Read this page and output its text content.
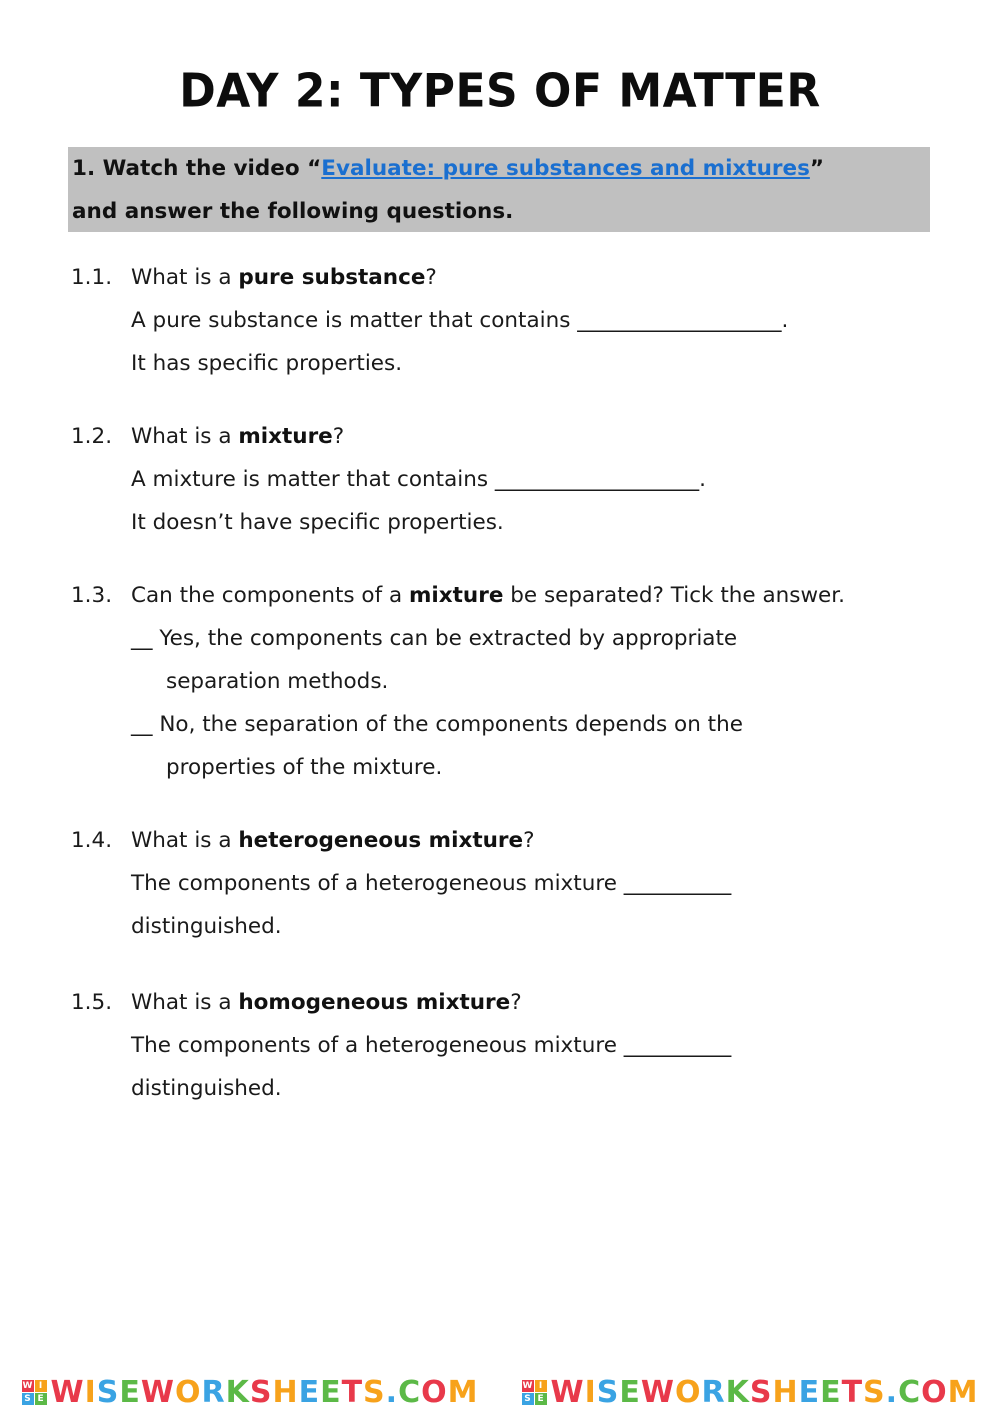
DAY 2: TYPES OF MATTER
1. Watch the video “Evaluate: pure substances and mixtures”
and answer the following questions.
1.1. What is a pure substance?
A pure substance is matter that contains ___________________.
It has specific properties.
1.2. What is a mixture?
A mixture is matter that contains ___________________.
It doesn’t have specific properties.
1.3. Can the components of a mixture be separated? Tick the answer.
__ Yes, the components can be extracted by appropriate
separation methods.
__ No, the separation of the components depends on the
properties of the mixture.
1.4. What is a heterogeneous mixture?
The components of a heterogeneous mixture __________
distinguished.
1.5. What is a homogeneous mixture?
The components of a heterogeneous mixture __________
distinguished.
W I
S E WISEWORKSHEETS.COM	W I
S E WISEWORKSHEETS.COM
